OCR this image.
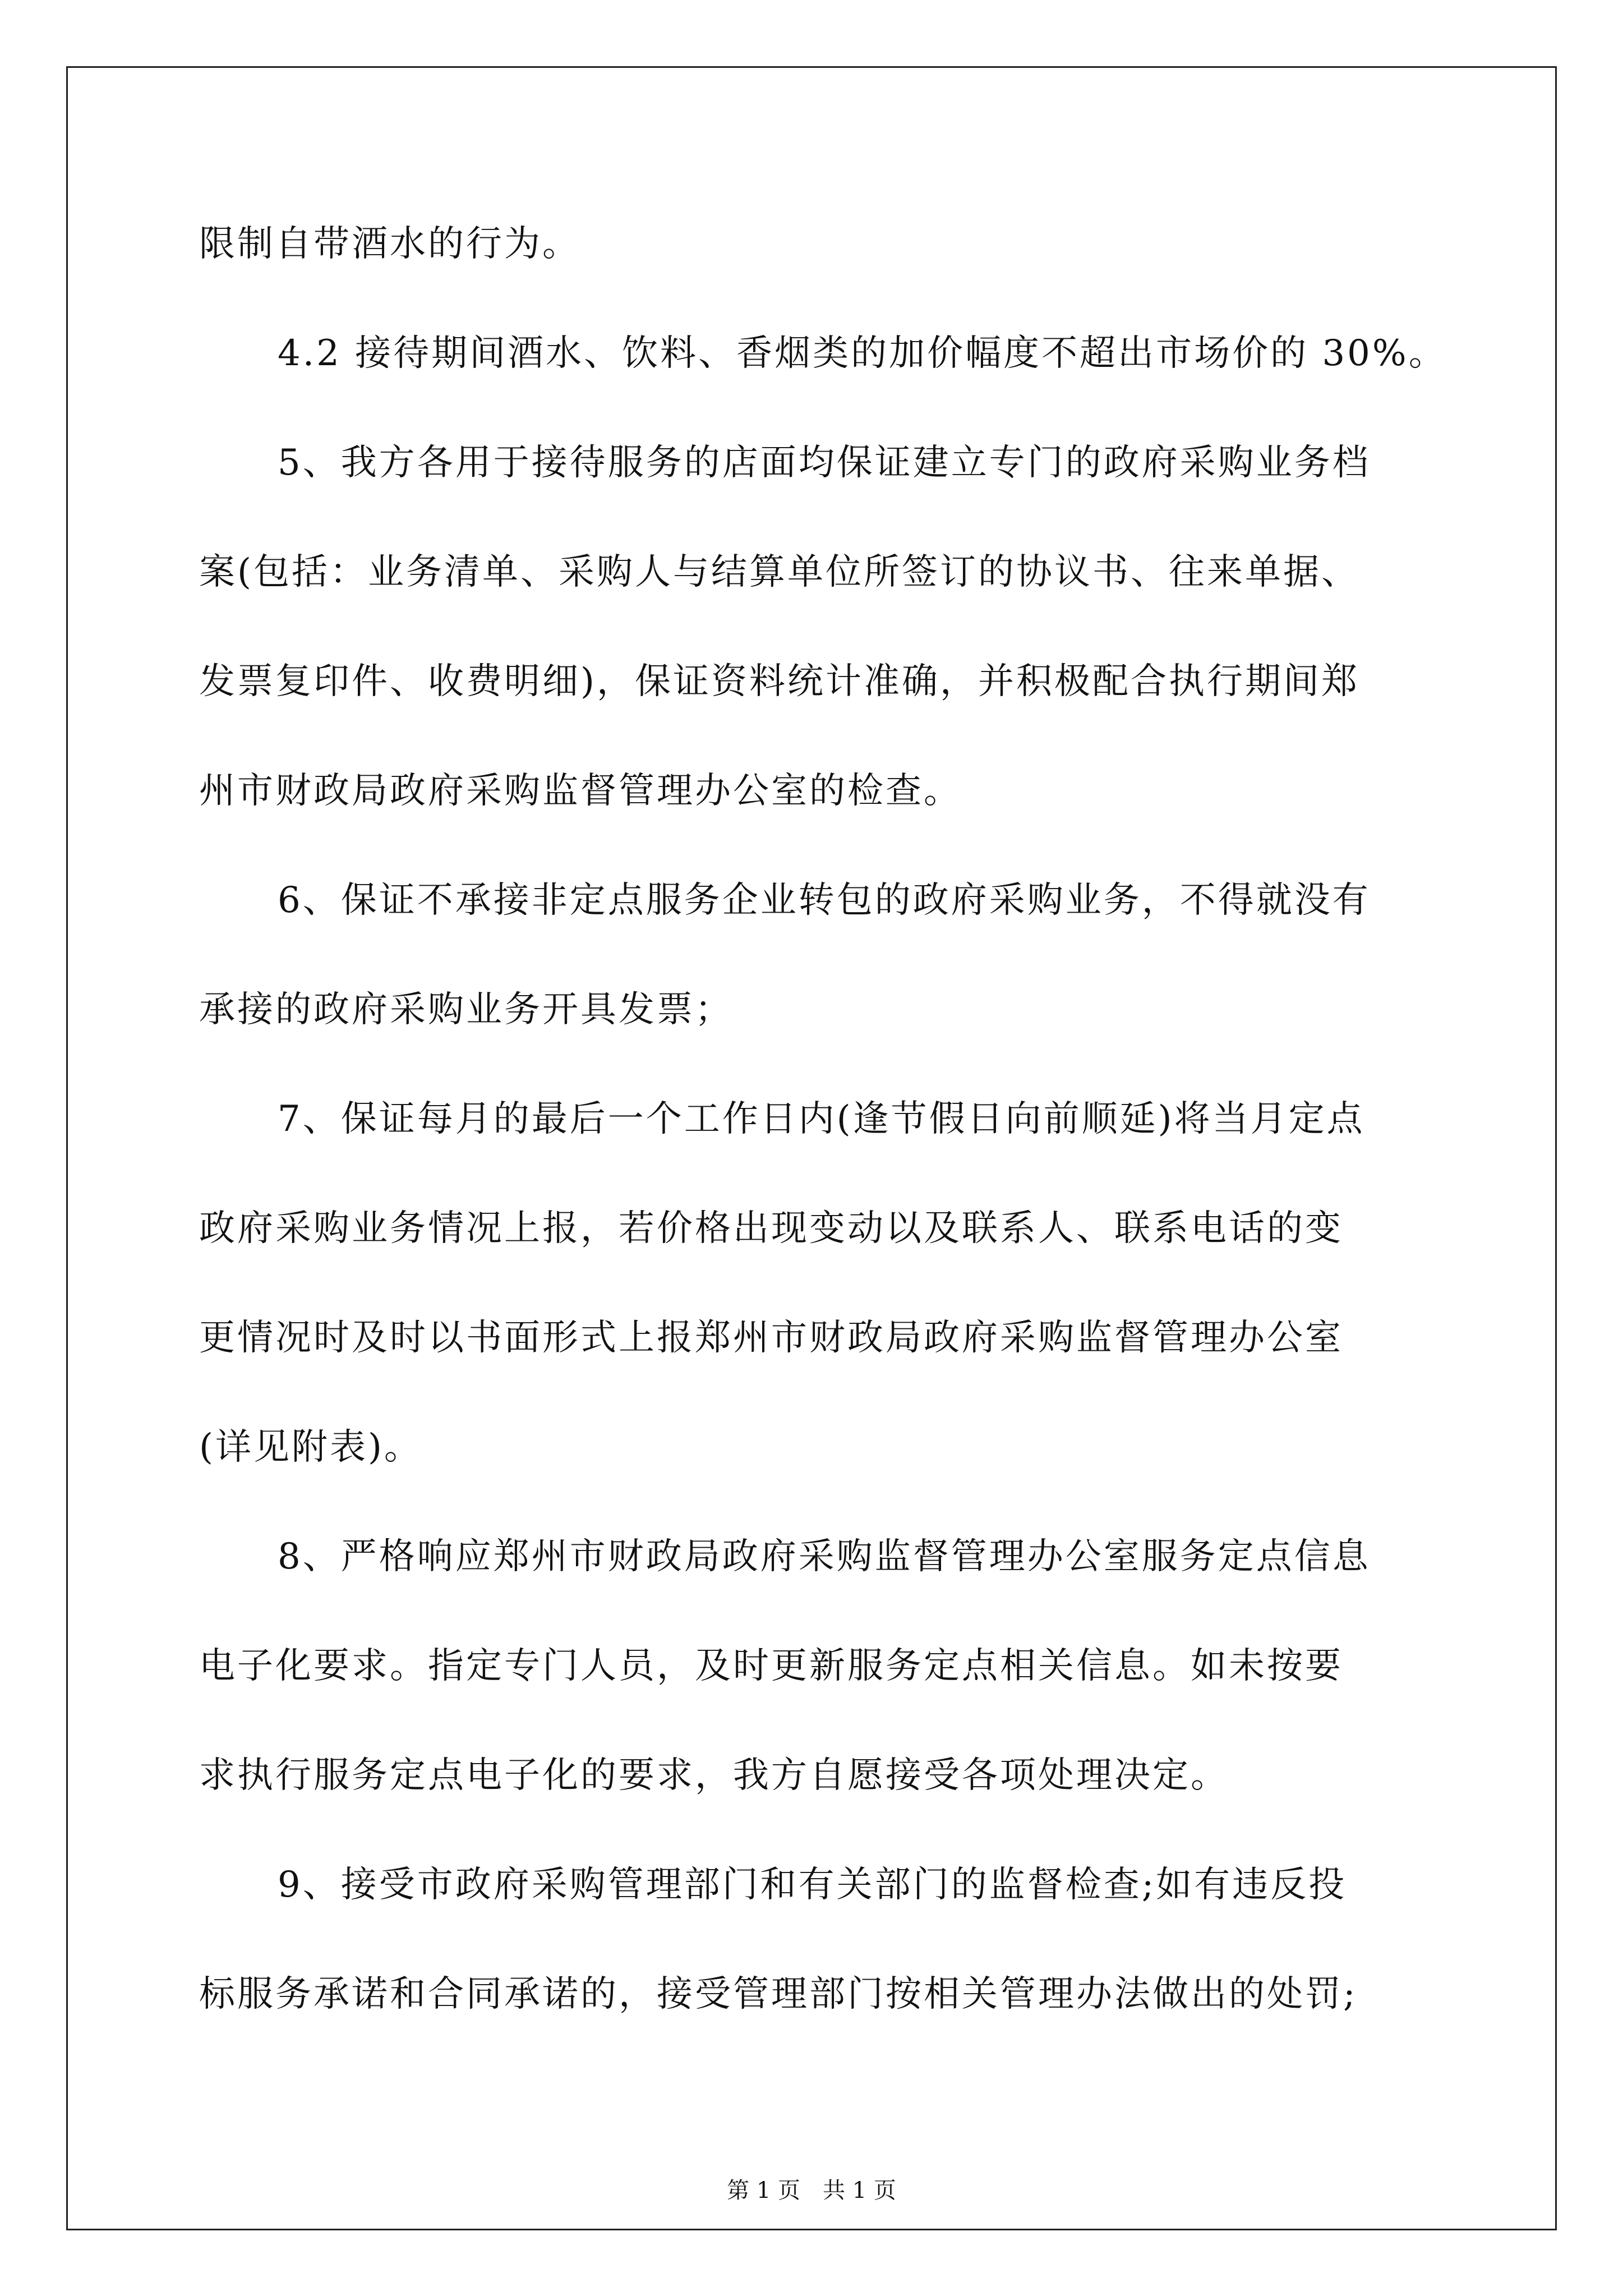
限制自带酒水的行为。
4.2 接待期间酒水、饮料、香烟类的加价幅度不超出市场价的 30%。
5、我方各用于接待服务的店面均保证建立专门的政府采购业务档
案(包括：业务清单、采购人与结算单位所签订的协议书、往来单据、
发票复印件、收费明细)，保证资料统计准确，并积极配合执行期间郑
州市财政局政府采购监督管理办公室的检查。
6、保证不承接非定点服务企业转包的政府采购业务，不得就没有
承接的政府采购业务开具发票；
7、保证每月的最后一个工作日内(逢节假日向前顺延)将当月定点
政府采购业务情况上报，若价格出现变动以及联系人、联系电话的变
更情况时及时以书面形式上报郑州市财政局政府采购监督管理办公室
(详见附表)。
8、严格响应郑州市财政局政府采购监督管理办公室服务定点信息
电子化要求。指定专门人员，及时更新服务定点相关信息。如未按要
求执行服务定点电子化的要求，我方自愿接受各项处理决定。
9、接受市政府采购管理部门和有关部门的监督检查;如有违反投
标服务承诺和合同承诺的，接受管理部门按相关管理办法做出的处罚;
第 1 页 共 1 页
